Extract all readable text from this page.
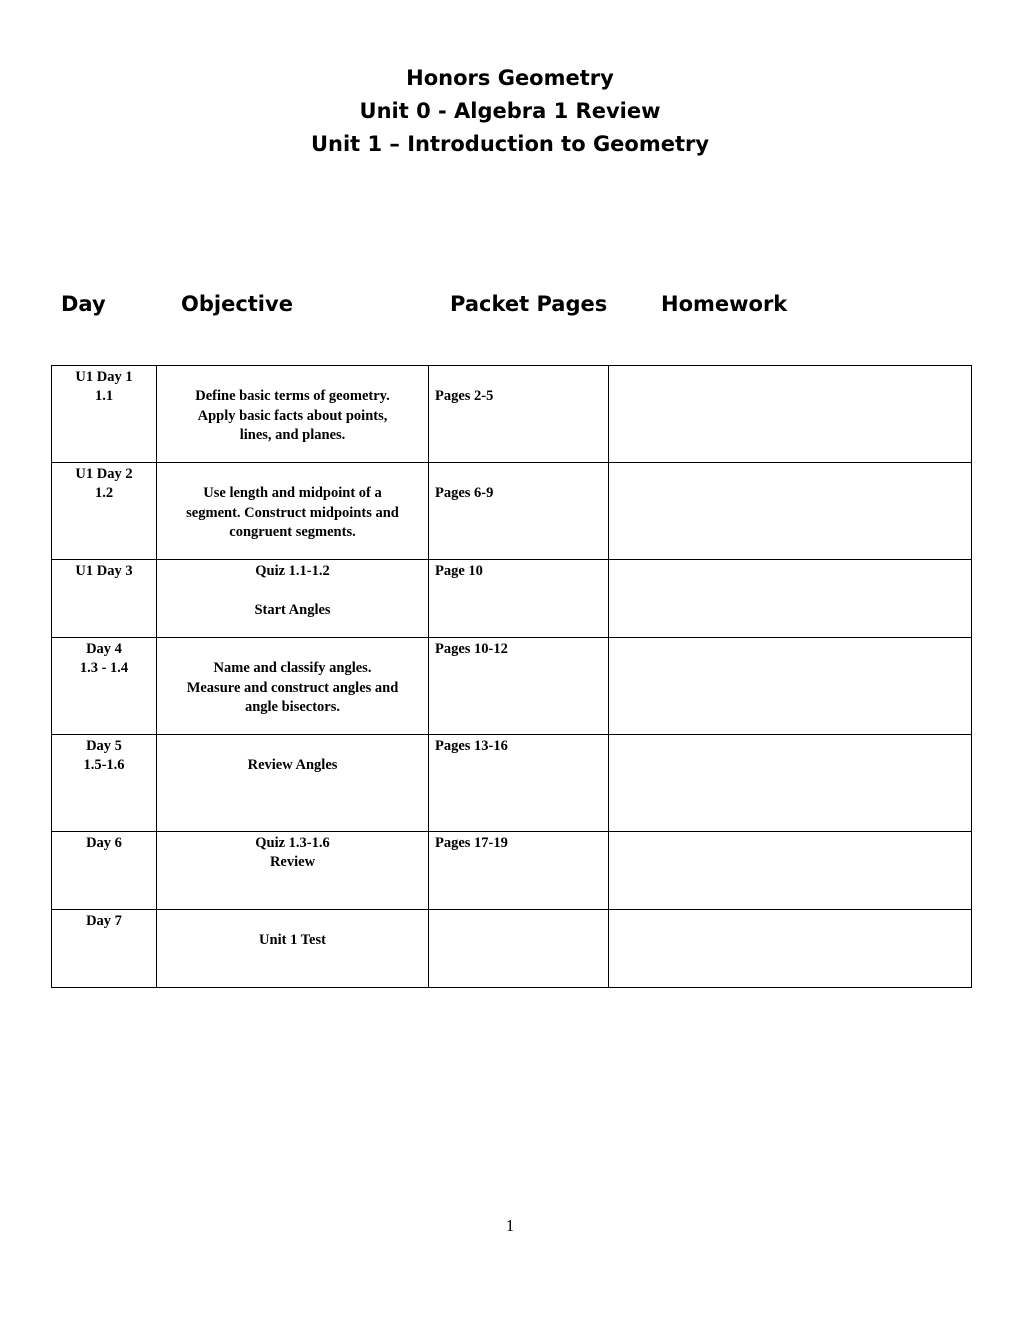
Honors Geometry
Unit 0 - Algebra 1 Review
Unit 1 – Introduction to Geometry
Day	Objective	Packet Pages	Homework
U1 Day 1
1.1	Define basic terms of geometry.
Apply basic facts about points,
lines, and planes.	Pages 2-5	

U1 Day 2
1.2	Use length and midpoint of a
segment. Construct midpoints and
congruent segments.	Pages 6-9	

U1 Day 3	Quiz 1.1-1.2
Start Angles	Page 10	

Day 4
1.3 - 1.4	Name and classify angles.
Measure and construct angles and
angle bisectors.	Pages 10-12	

Day 5
1.5-1.6	Review Angles	Pages 13-16	

Day 6	Quiz 1.3-1.6
Review	Pages 17-19	

Day 7	Unit 1 Test		

1
